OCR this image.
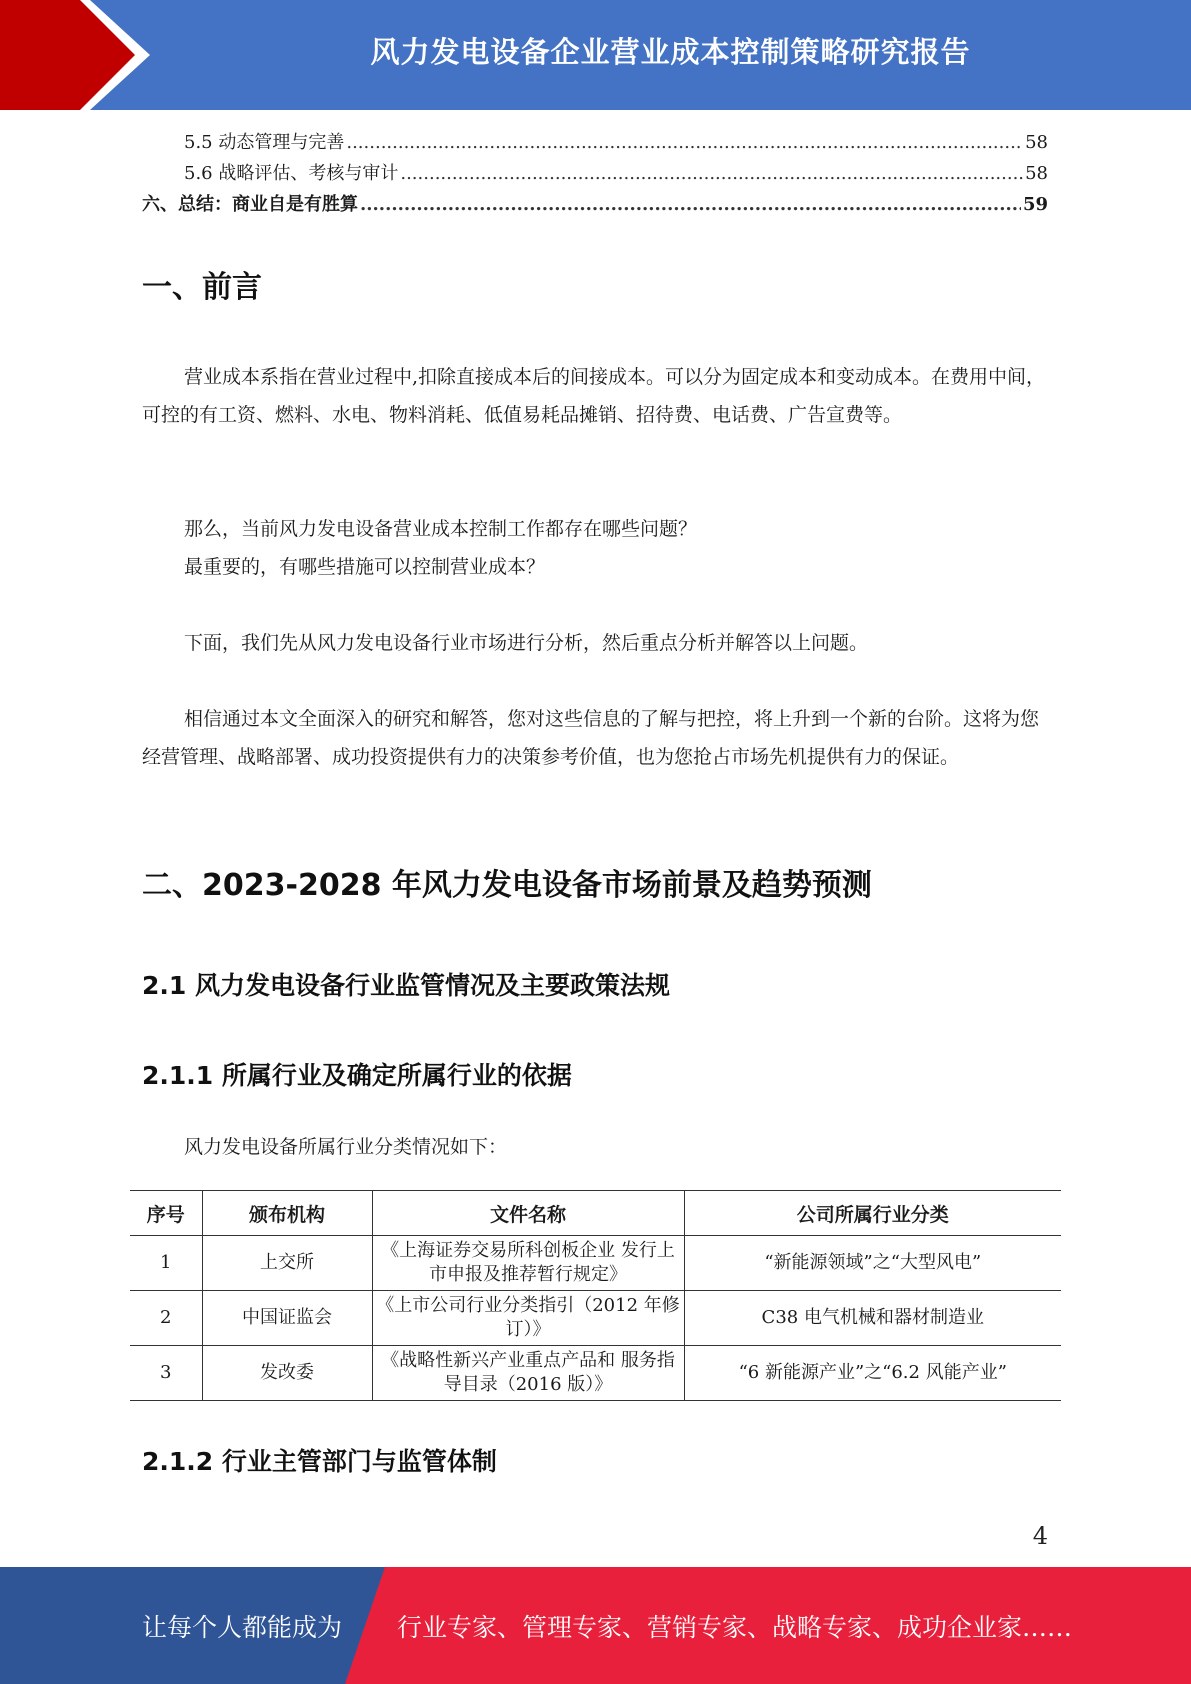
风力发电设备企业营业成本控制策略研究报告
5.5 动态管理与完善 .....	58
5.6 战略评估、考核与审计 .....	58
六、总结：商业自是有胜算 .....	59
一、前言

营业成本系指在营业过程中,扣除直接成本后的间接成本。可以分为固定成本和变动成本。在费用中间，可控的有工资、燃料、水电、物料消耗、低值易耗品摊销、招待费、电话费、广告宣费等。

那么，当前风力发电设备营业成本控制工作都存在哪些问题？

最重要的，有哪些措施可以控制营业成本？

下面，我们先从风力发电设备行业市场进行分析，然后重点分析并解答以上问题。

相信通过本文全面深入的研究和解答，您对这些信息的了解与把控，将上升到一个新的台阶。这将为您经营管理、战略部署、成功投资提供有力的决策参考价值，也为您抢占市场先机提供有力的保证。

二、2023-2028 年风力发电设备市场前景及趋势预测
2.1 风力发电设备行业监管情况及主要政策法规
2.1.1 所属行业及确定所属行业的依据

风力发电设备所属行业分类情况如下：

序号	颁布机构	文件名称	公司所属行业分类
1	上交所	《上海证券交易所科创板企业 发行上市申报及推荐暂行规定》	“新能源领域”之“大型风电”
2	中国证监会	《上市公司行业分类指引（2012 年修订）》	C38 电气机械和器材制造业
3	发改委	《战略性新兴产业重点产品和 服务指导目录（2016 版）》	“6 新能源产业”之“6.2 风能产业”
2.1.2 行业主管部门与监管体制
4
让每个人都能成为 行业专家、管理专家、营销专家、战略专家、成功企业家……
